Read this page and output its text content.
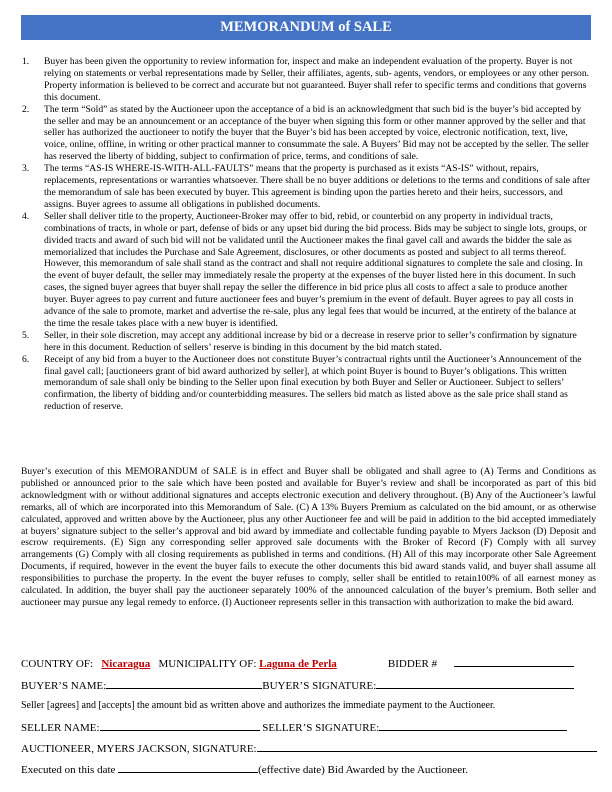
MEMORANDUM of SALE
1. Buyer has been given the opportunity to review information for, inspect and make an independent evaluation of the property. Buyer is not relying on statements or verbal representations made by Seller, their affiliates, agents, sub- agents, vendors, or employees or any other person. Property information is believed to be correct and accurate but not guaranteed. Buyer shall refer to specific terms and conditions that governs this document.
2. The term “Sold” as stated by the Auctioneer upon the acceptance of a bid is an acknowledgment that such bid is the buyer’s bid accepted by the seller and may be an announcement or an acceptance of the buyer when signing this form or other manner approved by the seller and that seller has authorized the auctioneer to notify the buyer that the Buyer’s bid has been accepted by voice, electronic notification, text, live, voice, online, offline, in writing or other practical manner to consummate the sale. A Buyers’ Bid may not be accepted by the seller. The seller has reserved the liberty of bidding, subject to confirmation of price, terms, and conditions of sale.
3. The terms “AS-IS WHERE-IS-WITH-ALL-FAULTS” means that the property is purchased as it exists “AS-IS” without, repairs, replacements, representations or warranties whatsoever. There shall be no buyer additions or deletions to the terms and conditions of sale after the memorandum of sale has been executed by buyer. This agreement is binding upon the parties hereto and their heirs, successors, and assigns. Buyer agrees to assume all obligations in published documents.
4. Seller shall deliver title to the property, Auctioneer-Broker may offer to bid, rebid, or counterbid on any property in individual tracts, combinations of tracts, in whole or part, defense of bids or any upset bid during the bid process. Bids may be subject to single lots, groups, or divided tracts and award of such bid will not be validated until the Auctioneer makes the final gavel call and awards the bidder the sale as memorialized that includes the Purchase and Sale Agreement, disclosures, or other documents as posted and subject to all terms thereof. However, this memorandum of sale shall stand as the contract and shall not require additional signatures to complete the sale and closing. In the event of buyer default, the seller may immediately resale the property at the expenses of the buyer listed here in this document. In such cases, the signed buyer agrees that buyer shall repay the seller the difference in bid price plus all costs to affect a sale to produce another buyer. Buyer agrees to pay current and future auctioneer fees and buyer’s premium in the event of default. Buyer agrees to pay all costs in advance of the sale to promote, market and advertise the re-sale, plus any legal fees that would be incurred, at the entirety of the balance at the time the resale takes place with a new buyer is identified.
5. Seller, in their sole discretion, may accept any additional increase by bid or a decrease in reserve prior to seller’s confirmation by signature here in this document. Reduction of sellers’ reserve is binding in this document by the bid match stated.
6. Receipt of any bid from a buyer to the Auctioneer does not constitute Buyer’s contractual rights until the Auctioneer’s Announcement of the final gavel call; [auctioneers grant of bid award authorized by seller], at which point Buyer is bound to Buyer’s obligations. This written memorandum of sale shall only be binding to the Seller upon final execution by both Buyer and Seller or Auctioneer. Subject to sellers’ confirmation, the liberty of bidding and/or counterbidding measures. The sellers bid match as listed above as the sale price shall stand as reduction of reserve.

Buyer’s execution of this MEMORANDUM of SALE is in effect and Buyer shall be obligated and shall agree to (A) Terms and Conditions as published or announced prior to the sale which have been posted and available for Buyer’s review and shall be incorporated as part of this bid acknowledgment with or without additional signatures and accepts electronic execution and delivery throughout. (B) Any of the Auctioneer’s lawful remarks, all of which are incorporated into this Memorandum of Sale. (C) A 13% Buyers Premium as calculated on the bid amount, or as otherwise calculated, approved and written above by the Auctioneer, plus any other Auctioneer fee and will be paid in addition to the bid accepted immediately at buyers’ signature subject to the seller’s approval and bid award by immediate and collectable funding payable to Myers Jackson (D) Deposit and escrow requirements. (E) Sign any corresponding seller approved sale documents with the Broker of Record (F) Comply with all survey arrangements (G) Comply with all closing requirements as published in terms and conditions. (H) All of this may incorporate other Sale Agreement Documents, if required, however in the event the buyer fails to execute the other documents this bid award stands valid, and buyer shall assume all responsibilities to purchase the property. In the event the buyer refuses to comply, seller shall be entitled to retain100% of all earnest money as calculated. In addition, the buyer shall pay the auctioneer separately 100% of the announced calculation of the buyer’s premium. Both seller and auctioneer may pursue any legal remedy to enforce. (I) Auctioneer represents seller in this transaction with authorization to make the bid award.

COUNTRY OF: Nicaragua MUNICIPALITY OF: Laguna de Perla	BIDDER #
BUYER’S NAME:	BUYER’S SIGNATURE:
Seller [agrees] and [accepts] the amount bid as written above and authorizes the immediate payment to the Auctioneer.
SELLER NAME:	SELLER’S SIGNATURE:
AUCTIONEER, MYERS JACKSON, SIGNATURE:
Executed on this date	(effective date) Bid Awarded by the Auctioneer.
